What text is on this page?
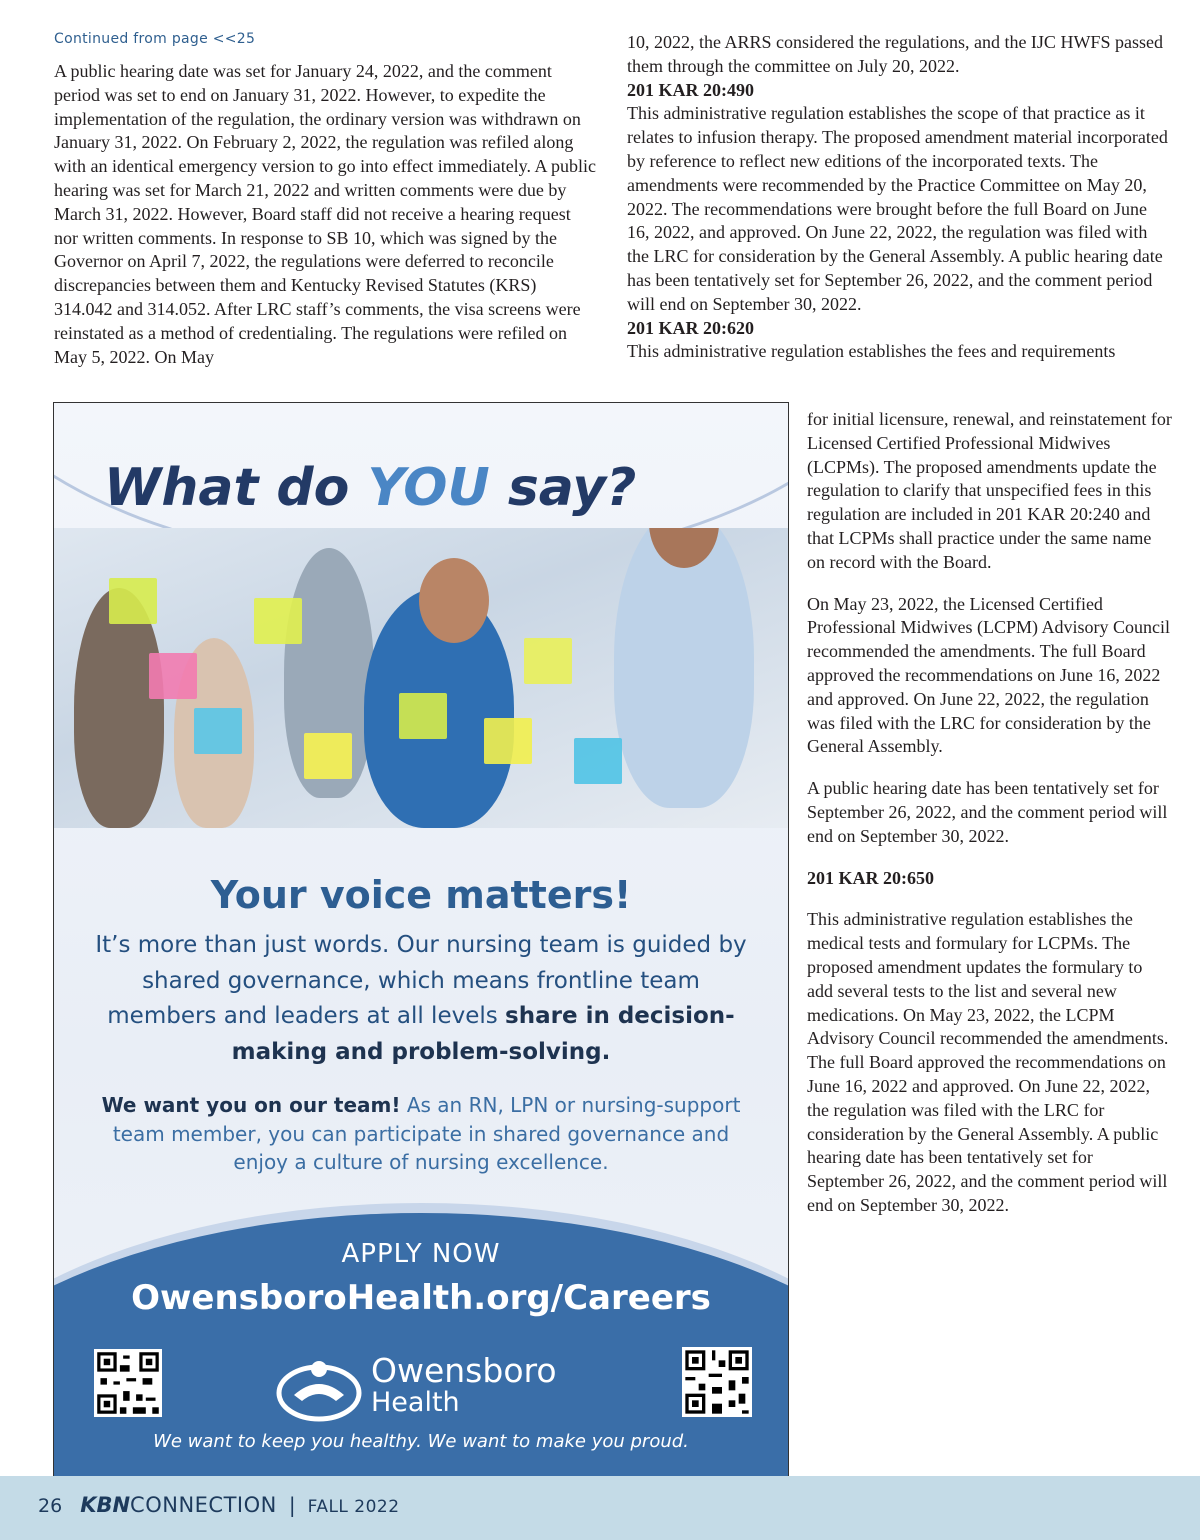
Continued from page <<25

A public hearing date was set for January 24, 2022, and the comment period was set to end on January 31, 2022. However, to expedite the implementation of the regulation, the ordinary version was withdrawn on January 31, 2022. On February 2, 2022, the regulation was refiled along with an identical emergency version to go into effect immediately. A public hearing was set for March 21, 2022 and written comments were due by March 31, 2022. However, Board staff did not receive a hearing request nor written comments. In response to SB 10, which was signed by the Governor on April 7, 2022, the regulations were deferred to reconcile discrepancies between them and Kentucky Revised Statutes (KRS) 314.042 and 314.052. After LRC staff’s comments, the visa screens were reinstated as a method of credentialing. The regulations were refiled on May 5, 2022. On May

10, 2022, the ARRS considered the regulations, and the IJC HWFS passed them through the committee on July 20, 2022.

201 KAR 20:490

This administrative regulation establishes the scope of that practice as it relates to infusion therapy. The proposed amendment material incorporated by reference to reflect new editions of the incorporated texts. The amendments were recommended by the Practice Committee on May 20, 2022. The recommendations were brought before the full Board on June 16, 2022, and approved. On June 22, 2022, the regulation was filed with the LRC for consideration by the General Assembly. A public hearing date has been tentatively set for September 26, 2022, and the comment period will end on September 30, 2022.

201 KAR 20:620

This administrative regulation establishes the fees and requirements

for initial licensure, renewal, and reinstatement for Licensed Certified Professional Midwives (LCPMs). The proposed amendments update the regulation to clarify that unspecified fees in this regulation are included in 201 KAR 20:240 and that LCPMs shall practice under the same name on record with the Board.

On May 23, 2022, the Licensed Certified Professional Midwives (LCPM) Advisory Council recommended the amendments. The full Board approved the recommendations on June 16, 2022 and approved. On June 22, 2022, the regulation was filed with the LRC for consideration by the General Assembly.

A public hearing date has been tentatively set for September 26, 2022, and the comment period will end on September 30, 2022.

201 KAR 20:650

This administrative regulation establishes the medical tests and formulary for LCPMs. The proposed amendment updates the formulary to add several tests to the list and several new medications. On May 23, 2022, the LCPM Advisory Council recommended the amendments. The full Board approved the recommendations on June 16, 2022 and approved. On June 22, 2022, the regulation was filed with the LRC for consideration by the General Assembly. A public hearing date has been tentatively set for September 26, 2022, and the comment period will end on September 30, 2022.

What do YOU say?
Your voice matters!
It’s more than just words. Our nursing team is guided by shared governance, which means frontline team members and leaders at all levels share in decision-making and problem-solving.
We want you on our team! As an RN, LPN or nursing-support team member, you can participate in shared governance and enjoy a culture of nursing excellence.
APPLY NOW
OwensboroHealth.org/Careers
Owensboro
Health
We want to keep you healthy. We want to make you proud.
26 KBNCONNECTION | FALL 2022
